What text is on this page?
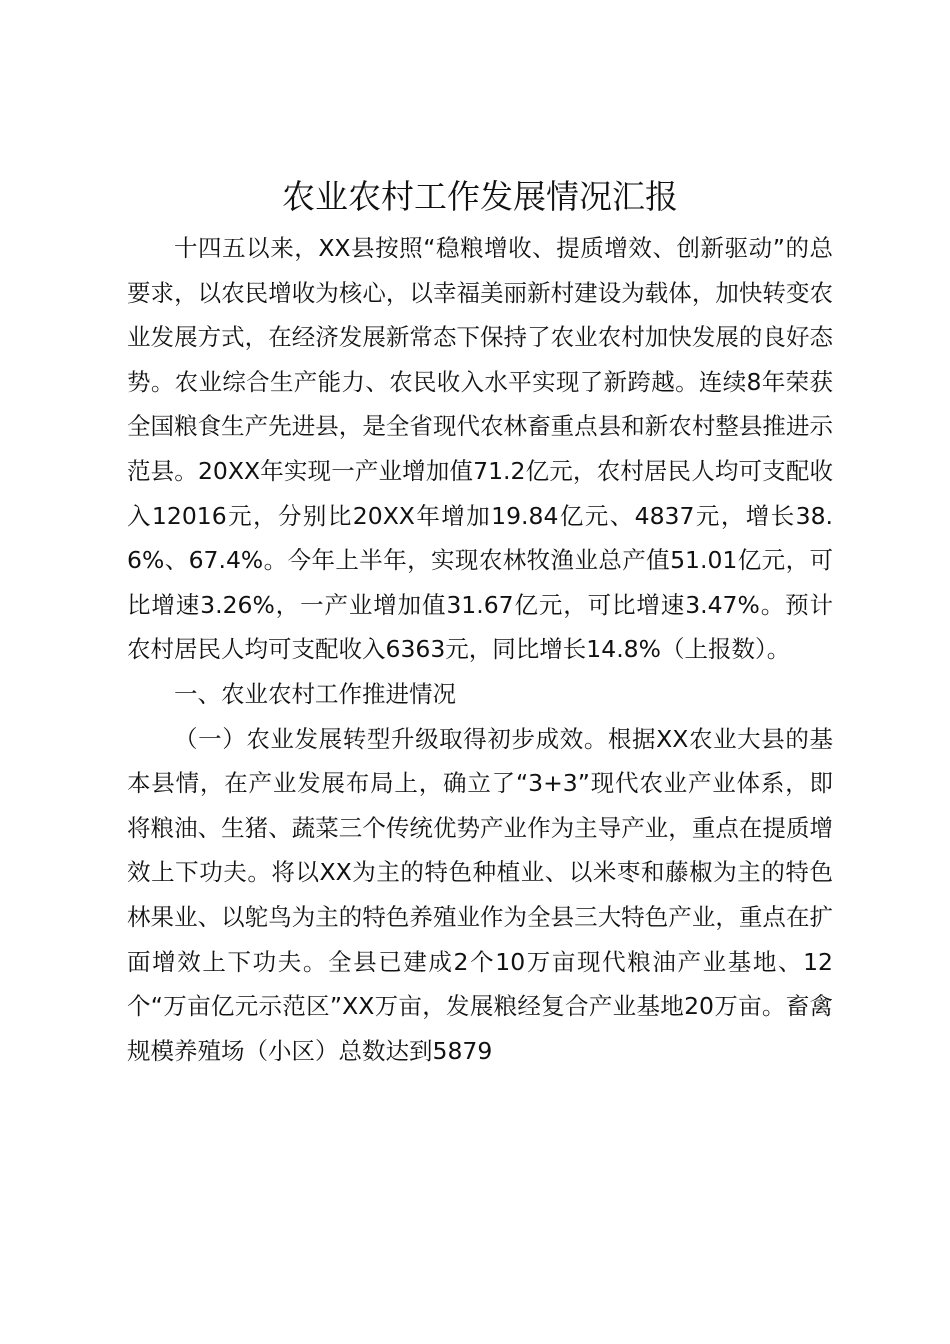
农业农村工作发展情况汇报

十四五以来，XX县按照“稳粮增收、提质增效、创新驱动”的总要求，以农民增收为核心，以幸福美丽新村建设为载体，加快转变农业发展方式，在经济发展新常态下保持了农业农村加快发展的良好态势。农业综合生产能力、农民收入水平实现了新跨越。连续8年荣获全国粮食生产先进县，是全省现代农林畜重点县和新农村整县推进示范县。20XX年实现一产业增加值71.2亿元，农村居民人均可支配收入12016元，分别比20XX年增加19.84亿元、4837元，增长38.6%、67.4%。今年上半年，实现农林牧渔业总产值51.01亿元，可比增速3.26%，一产业增加值31.67亿元，可比增速3.47%。预计农村居民人均可支配收入6363元，同比增长14.8%（上报数）。

一、农业农村工作推进情况

（一）农业发展转型升级取得初步成效。根据XX农业大县的基本县情，在产业发展布局上，确立了“3+3”现代农业产业体系，即将粮油、生猪、蔬菜三个传统优势产业作为主导产业，重点在提质增效上下功夫。将以XX为主的特色种植业、以米枣和藤椒为主的特色林果业、以鸵鸟为主的特色养殖业作为全县三大特色产业，重点在扩面增效上下功夫。全县已建成2个10万亩现代粮油产业基地、12个“万亩亿元示范区”XX万亩，发展粮经复合产业基地20万亩。畜禽规模养殖场（小区）总数达到5879
